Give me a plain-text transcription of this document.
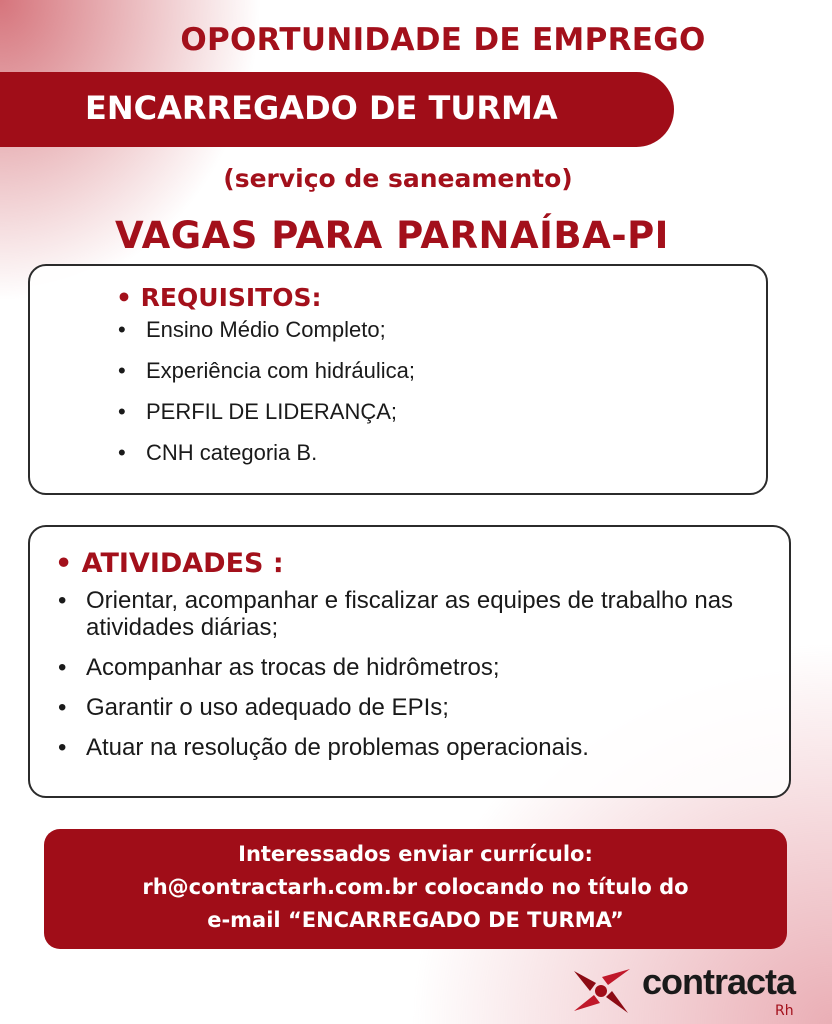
OPORTUNIDADE DE EMPREGO
ENCARREGADO DE TURMA
(serviço de saneamento)
VAGAS PARA PARNAÍBA-PI
• REQUISITOS:
• Ensino Médio Completo;
• Experiência com hidráulica;
• PERFIL DE LIDERANÇA;
• CNH categoria B.
• ATIVIDADES :
• Orientar, acompanhar e fiscalizar as equipes de trabalho nas atividades diárias;
• Acompanhar as trocas de hidrômetros;
• Garantir o uso adequado de EPIs;
• Atuar na resolução de problemas operacionais.
Interessados enviar currículo:
rh@contractarh.com.br colocando no título do
e-mail “ENCARREGADO DE TURMA”
contracta
Rh
